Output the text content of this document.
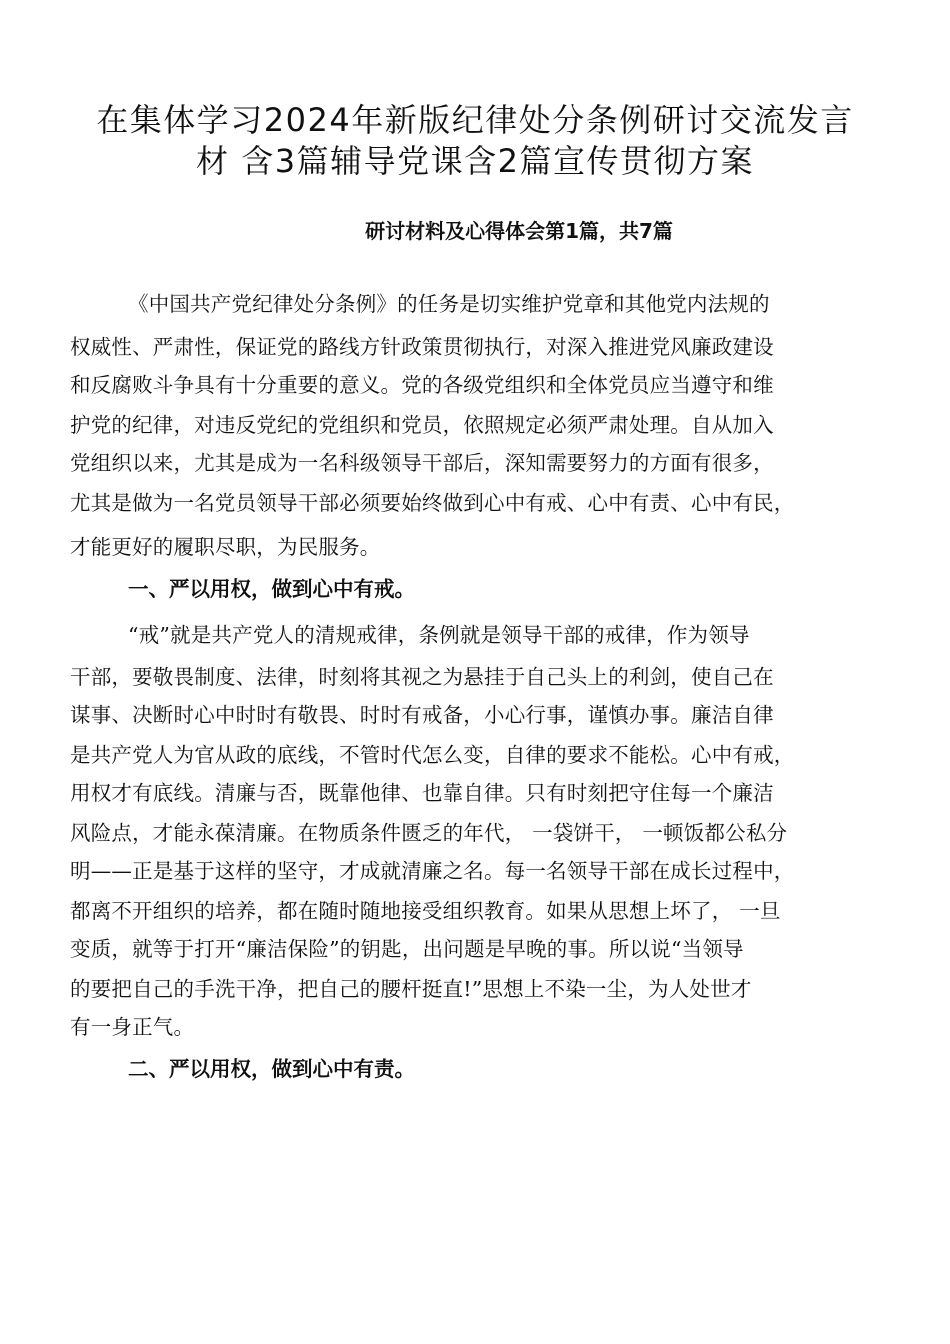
在集体学习2024年新版纪律处分条例研讨交流发言
材 含3篇辅导党课含2篇宣传贯彻方案
研讨材料及心得体会第1篇，共7篇
《中国共产党纪律处分条例》的任务是切实维护党章和其他党内法规的
权威性、严肃性，保证党的路线方针政策贯彻执行，对深入推进党风廉政建设
和反腐败斗争具有十分重要的意义。党的各级党组织和全体党员应当遵守和维
护党的纪律，对违反党纪的党组织和党员，依照规定必须严肃处理。自从加入
党组织以来，尤其是成为一名科级领导干部后，深知需要努力的方面有很多，
尤其是做为一名党员领导干部必须要始终做到心中有戒、心中有责、心中有民，
才能更好的履职尽职，为民服务。
一、严以用权，做到心中有戒。
“戒”就是共产党人的清规戒律，条例就是领导干部的戒律，作为领导
干部，要敬畏制度、法律，时刻将其视之为悬挂于自己头上的利剑，使自己在
谋事、决断时心中时时有敬畏、时时有戒备，小心行事，谨慎办事。廉洁自律
是共产党人为官从政的底线，不管时代怎么变，自律的要求不能松。心中有戒，
用权才有底线。清廉与否，既靠他律、也靠自律。只有时刻把守住每一个廉洁
风险点，才能永葆清廉。在物质条件匮乏的年代， 一袋饼干， 一顿饭都公私分
明——正是基于这样的坚守，才成就清廉之名。每一名领导干部在成长过程中，
都离不开组织的培养，都在随时随地接受组织教育。如果从思想上坏了， 一旦
变质，就等于打开“廉洁保险”的钥匙，出问题是早晚的事。所以说“当领导
的要把自己的手洗干净，把自己的腰杆挺直!”思想上不染一尘，为人处世才
有一身正气。
二、严以用权，做到心中有责。
